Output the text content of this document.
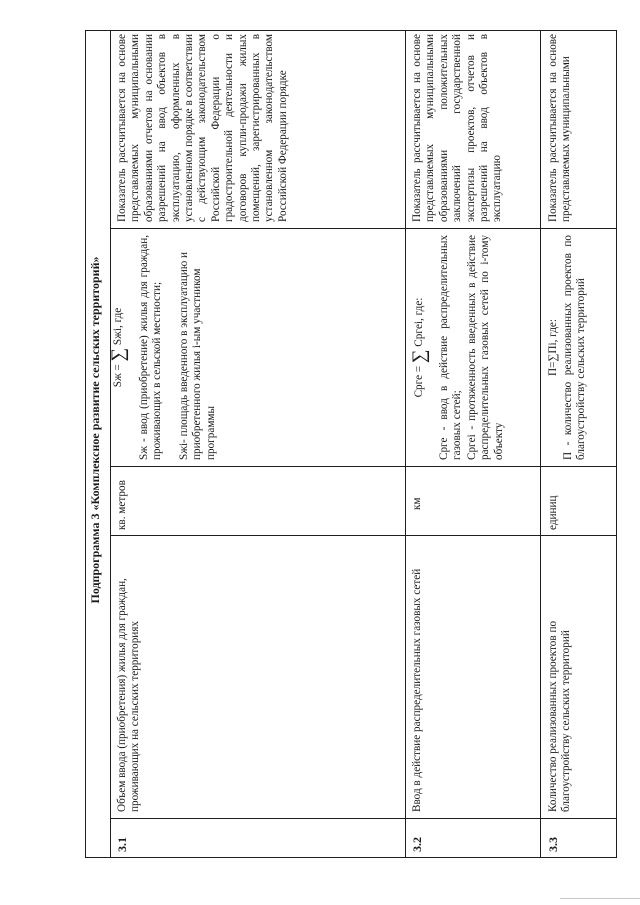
Подпрограмма 3 «Комплексное развитие сельских территорий»
3.1
Объем ввода (приобретения) жилья для граждан, проживающих на сельских территориях
кв. метров
Sж = ∑ Sжi, где Sж - ввод (приобретение) жилья для граждан, проживающих в сельской местности; Sжi- площадь введенного в эксплуатацию и приобретенного жилья i-ым участником программы
Показатель рассчитывается на основе представляемых муниципальными образованиями отчетов на основании разрешений на ввод объектов в эксплуатацию, оформленных в установленном порядке в соответствии с действующим законодательством Российской Федерации о градостроительной деятельности и договоров купли-продажи жилых помещений, зарегистрированных в установленном законодательством Российской Федерации порядке
3.2
Ввод в действие распределительных газовых сетей
км
Cрге = ∑ Cргei, где: Cрге - ввод в действие распределительных газовых сетей; Cргei - протяженность введенных в действие распределительных газовых сетей по i-тому объекту
Показатель рассчитывается на основе представляемых муниципальными образованиями положительных заключений государственной экспертизы проектов, отчетов и разрешений на ввод объектов в эксплуатацию
3.3
Количество реализованных проектов по благоустройству сельских территорий
единиц
П=∑Пi, где: П - количество реализованных проектов по благоустройству сельских территорий
Показатель рассчитывается на основе представляемых муниципальными
